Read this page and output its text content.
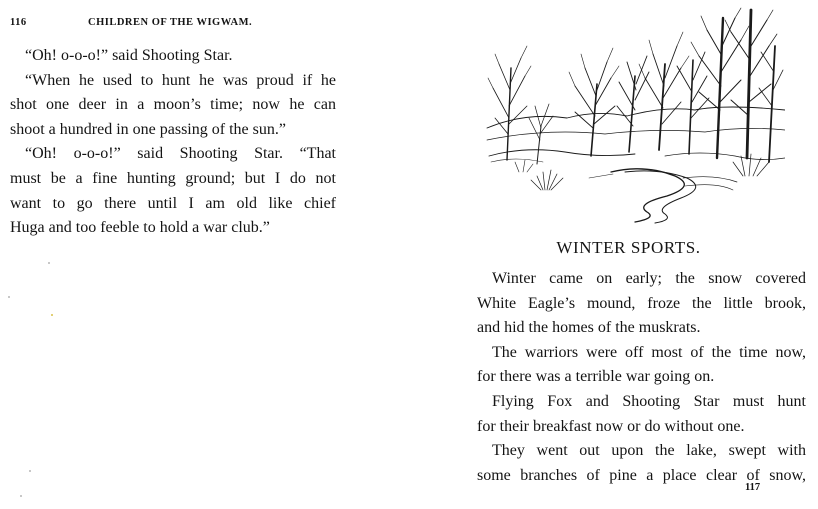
116	CHILDREN OF THE WIGWAM.
“Oh! o-o-o!” said Shooting Star.
“When he used to hunt he was proud if he
shot one deer in a moon’s time; now he can
shoot a hundred in one passing of the sun.”
“Oh! o-o-o!” said Shooting Star. “That
must be a fine hunting ground; but I do not
want to go there until I am old like chief
Huga and too feeble to hold a war club.”
WINTER SPORTS.
Winter came on early; the snow covered
White Eagle’s mound, froze the little brook,
and hid the homes of the muskrats.
The warriors were off most of the time now,
for there was a terrible war going on.
Flying Fox and Shooting Star must hunt
for their breakfast now or do without one.
They went out upon the lake, swept with
some branches of pine a place clear of snow,
117
